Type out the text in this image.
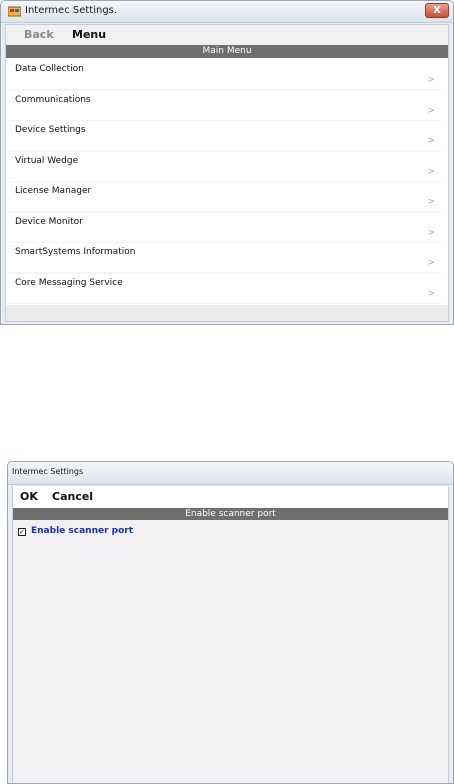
Intermec Settings.	X
Back Menu
Main Menu
Data Collection
>
Communications
>
Device Settings
>
Virtual Wedge
>
License Manager
>
Device Monitor
>
SmartSystems Information
>
Core Messaging Service
>
Intermec Settings
OK Cancel
Enable scanner port
✓ Enable scanner port
